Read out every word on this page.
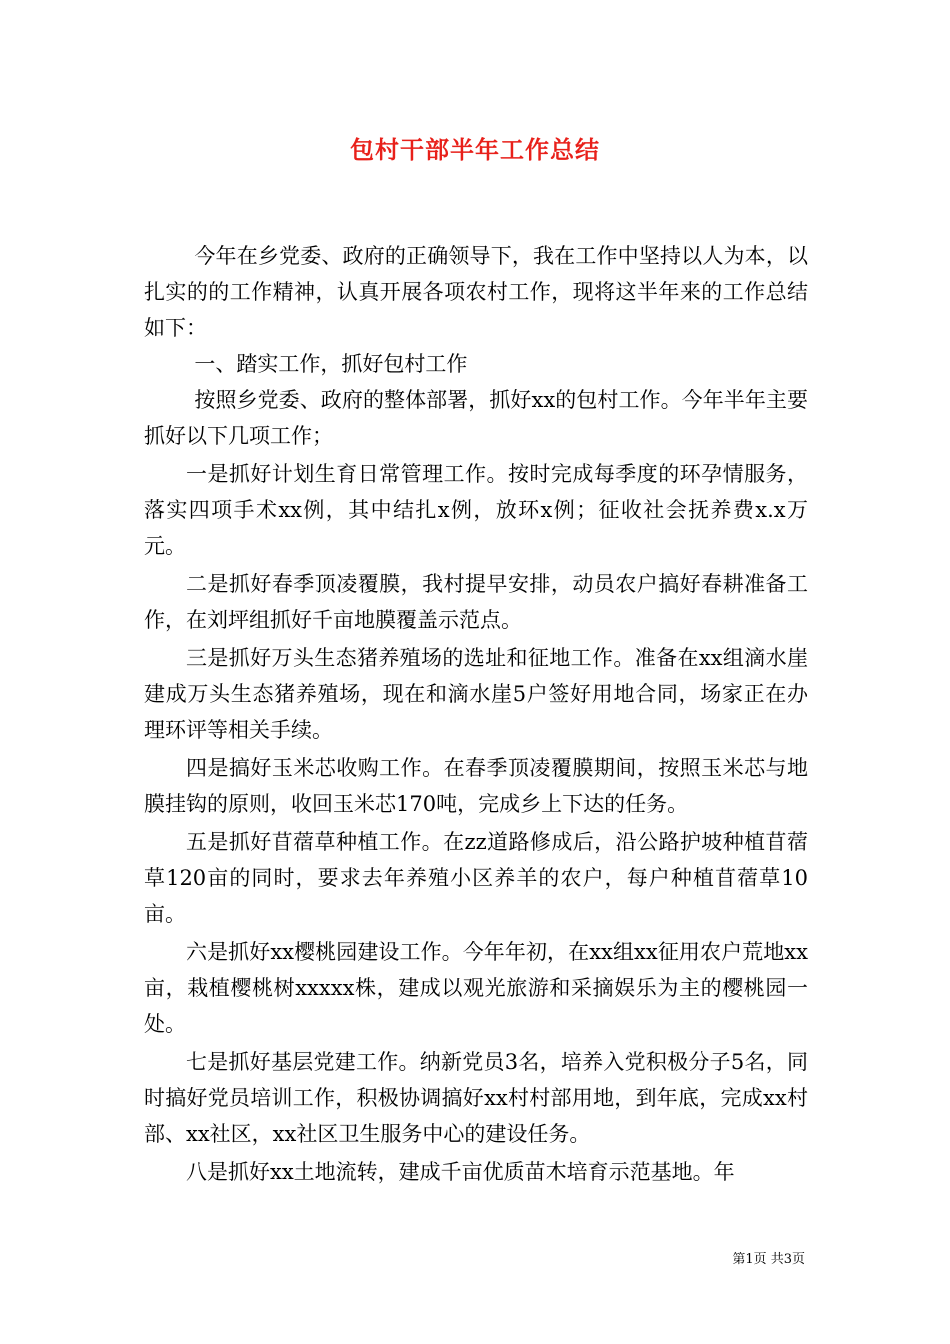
包村干部半年工作总结

今年在乡党委、政府的正确领导下，我在工作中坚持以人为本，以扎实的的工作精神，认真开展各项农村工作，现将这半年来的工作总结如下：

一、踏实工作，抓好包村工作

按照乡党委、政府的整体部署，抓好xx的包村工作。今年半年主要抓好以下几项工作；

一是抓好计划生育日常管理工作。按时完成每季度的环孕情服务，落实四项手术xx例，其中结扎x例，放环x例；征收社会抚养费x.x万元。

二是抓好春季顶凌覆膜，我村提早安排，动员农户搞好春耕准备工作，在刘坪组抓好千亩地膜覆盖示范点。

三是抓好万头生态猪养殖场的选址和征地工作。准备在xx组滴水崖建成万头生态猪养殖场，现在和滴水崖5户签好用地合同，场家正在办理环评等相关手续。

四是搞好玉米芯收购工作。在春季顶凌覆膜期间，按照玉米芯与地膜挂钩的原则，收回玉米芯170吨，完成乡上下达的任务。

五是抓好苜蓿草种植工作。在zz道路修成后，沿公路护坡种植苜蓿草120亩的同时，要求去年养殖小区养羊的农户，每户种植苜蓿草10亩。

六是抓好xx樱桃园建设工作。今年年初，在xx组xx征用农户荒地xx亩，栽植樱桃树xxxxx株，建成以观光旅游和采摘娱乐为主的樱桃园一处。

七是抓好基层党建工作。纳新党员3名，培养入党积极分子5名，同时搞好党员培训工作，积极协调搞好xx村村部用地，到年底，完成xx村部、xx社区，xx社区卫生服务中心的建设任务。

八是抓好xx土地流转，建成千亩优质苗木培育示范基地。年

第1页 共3页
